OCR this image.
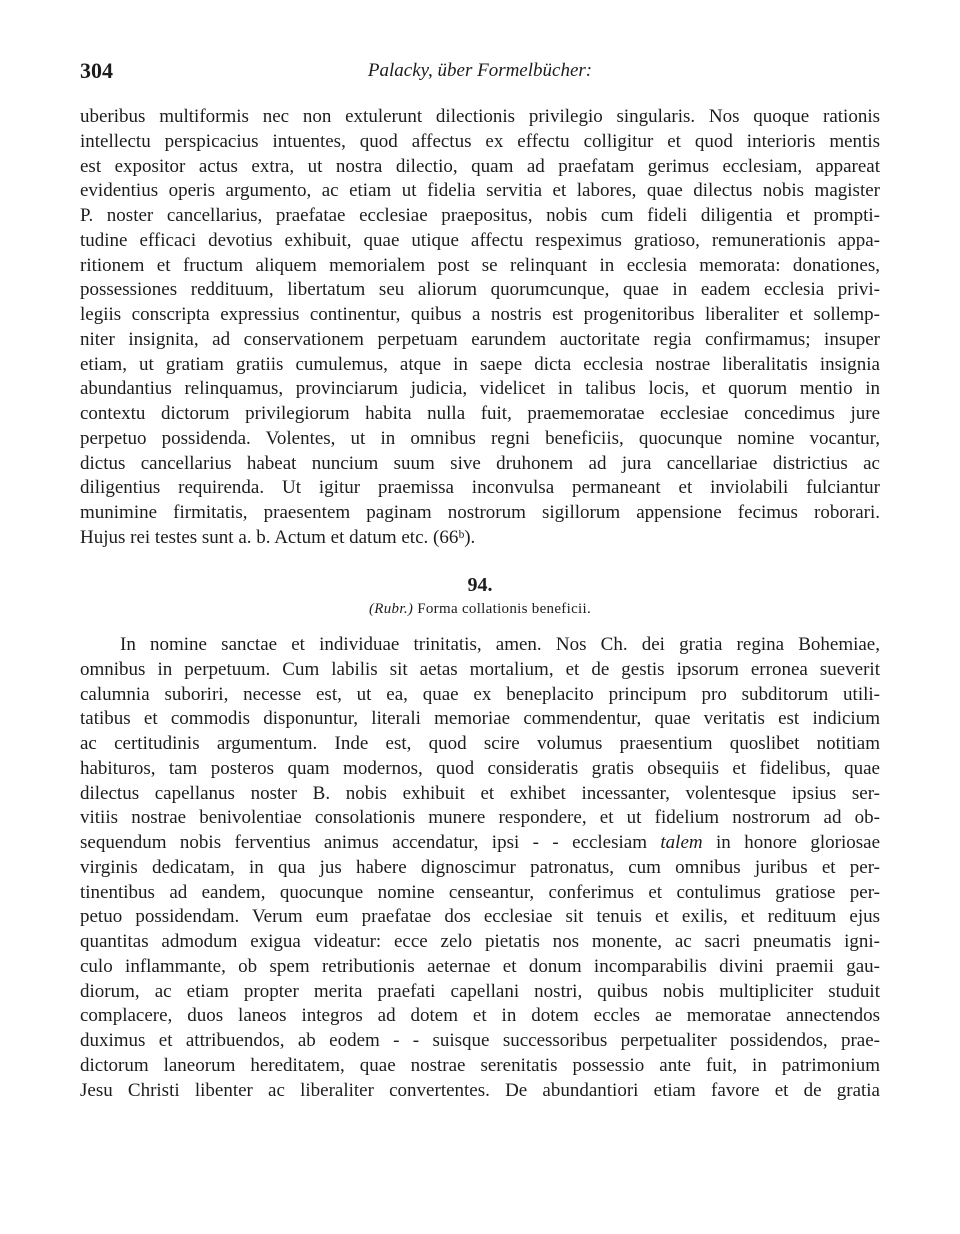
304	Palacky, über Formelbücher:
uberibus multiformis nec non extulerunt dilectionis privilegio singularis. Nos quoque rationis
intellectu perspicacius intuentes, quod affectus ex effectu colligitur et quod interioris mentis
est expositor actus extra, ut nostra dilectio, quam ad praefatam gerimus ecclesiam, appareat
evidentius operis argumento, ac etiam ut fidelia servitia et labores, quae dilectus nobis magister
P. noster cancellarius, praefatae ecclesiae praepositus, nobis cum fideli diligentia et prompti-
tudine efficaci devotius exhibuit, quae utique affectu respeximus gratioso, remunerationis appa-
ritionem et fructum aliquem memorialem post se relinquant in ecclesia memorata: donationes,
possessiones reddituum, libertatum seu aliorum quorumcunque, quae in eadem ecclesia privi-
legiis conscripta expressius continentur, quibus a nostris est progenitoribus liberaliter et sollemp-
niter insignita, ad conservationem perpetuam earundem auctoritate regia confirmamus; insuper
etiam, ut gratiam gratiis cumulemus, atque in saepe dicta ecclesia nostrae liberalitatis insignia
abundantius relinquamus, provinciarum judicia, videlicet in talibus locis, et quorum mentio in
contextu dictorum privilegiorum habita nulla fuit, praememoratae ecclesiae concedimus jure
perpetuo possidenda. Volentes, ut in omnibus regni beneficiis, quocunque nomine vocantur,
dictus cancellarius habeat nuncium suum sive druhonem ad jura cancellariae districtius ac
diligentius requirenda. Ut igitur praemissa inconvulsa permaneant et inviolabili fulciantur
munimine firmitatis, praesentem paginam nostrorum sigillorum appensione fecimus roborari.
Hujus rei testes sunt a. b. Actum et datum etc. (66ᵇ).
94.
(Rubr.) Forma collationis beneficii.
In nomine sanctae et individuae trinitatis, amen. Nos Ch. dei gratia regina Bohemiae,
omnibus in perpetuum. Cum labilis sit aetas mortalium, et de gestis ipsorum erronea sueverit
calumnia suboriri, necesse est, ut ea, quae ex beneplacito principum pro subditorum utili-
tatibus et commodis disponuntur, literali memoriae commendentur, quae veritatis est indicium
ac certitudinis argumentum. Inde est, quod scire volumus praesentium quoslibet notitiam
habituros, tam posteros quam modernos, quod consideratis gratis obsequiis et fidelibus, quae
dilectus capellanus noster B. nobis exhibuit et exhibet incessanter, volentesque ipsius ser-
vitiis nostrae benivolentiae consolationis munere respondere, et ut fidelium nostrorum ad ob-
sequendum nobis ferventius animus accendatur, ipsi - - ecclesiam talem in honore gloriosae
virginis dedicatam, in qua jus habere dignoscimur patronatus, cum omnibus juribus et per-
tinentibus ad eandem, quocunque nomine censeantur, conferimus et contulimus gratiose per-
petuo possidendam. Verum eum praefatae dos ecclesiae sit tenuis et exilis, et redituum ejus
quantitas admodum exigua videatur: ecce zelo pietatis nos monente, ac sacri pneumatis igni-
culo inflammante, ob spem retributionis aeternae et donum incomparabilis divini praemii gau-
diorum, ac etiam propter merita praefati capellani nostri, quibus nobis multipliciter studuit
complacere, duos laneos integros ad dotem et in dotem eccles ae memoratae annectendos
duximus et attribuendos, ab eodem - - suisque successoribus perpetualiter possidendos, prae-
dictorum laneorum hereditatem, quae nostrae serenitatis possessio ante fuit, in patrimonium
Jesu Christi libenter ac liberaliter convertentes. De abundantiori etiam favore et de gratia
